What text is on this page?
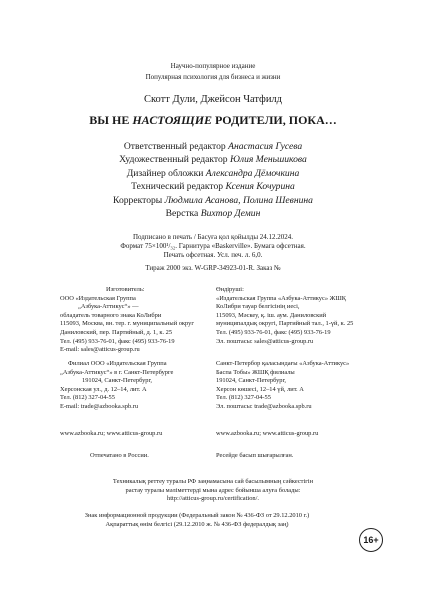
Научно-популярное издание
Популярная психология для бизнеса и жизни
Скотт Дули, Джейсон Чатфилд
ВЫ НЕ НАСТОЯЩИЕ РОДИТЕЛИ, ПОКА…
Ответственный редактор Анастасия Гусева
Художественный редактор Юлия Меньшикова
Дизайнер обложки Александра Дёмочкина
Технический редактор Ксения Кочурина
Корректоры Людмила Асанова, Полина Шевнина
Верстка Вихтор Демин
Подписано в печать / Басуға қол қойылды 24.12.2024.
Формат 75×100¹/₃₂. Гарнитура «Baskerville». Бумага офсетная.
Печать офсетная. Усл. печ. л. 6,0.
Тираж 2000 экз. W-GRP-34923-01-R. Заказ №
Изготовитель:
ООО «Издательская Группа
„Азбука-Аттикус“» —
обладатель товарного знака КоЛибри
115093, Москва, вн. тер. г. муниципальный округ
Даниловский, пер. Партийный, д. 1, к. 25
Тел. (495) 933-76-01, факс (495) 933-76-19
E-mail: sales@atticus-group.ru
Филиал ООО «Издательская Группа
„Азбука-Аттикус“» в г. Санкт-Петербурге
191024, Санкт-Петербург,
Херсонская ул., д. 12–14, лит. А
Тел. (812) 327-04-55
E-mail: trade@azbooka.spb.ru
www.azbooka.ru; www.atticus-group.ru
Отпечатано в России.
Өндіруші:
«Издательская Группа «Азбука-Аттикус» ЖШҚ
КоЛибри тауар белгісінің иесі,
115093, Мәскеу, қ. іш. аум. Даниловский
муниципалдық округі, Партийный тал., 1-үй, к. 25
Тел. (495) 933-76-01, факс (495) 933-76-19
Эл. поштасы: sales@atticus-group.ru
Санкт-Петербор қаласындағы «Азбука-Аттикус»
Баспа Тобы» ЖШҚ филиалы
191024, Санкт-Петербург,
Херсон көшесі, 12–14 үй, лит. А
Тел. (812) 327-04-55
Эл. поштасы: trade@azbooka.spb.ru
www.azbooka.ru; www.atticus-group.ru
Ресейде басып шығарылған.
Техникалық реттеу туралы РФ заңнамасына сай басылымның сәйкестігін
растау туралы мәліметтерді мына адрес бойынша алуға болады:
http://atticus-group.ru/certification/.
Знак информационной продукции (Федеральный закон № 436-ФЗ от 29.12.2010 г.)
Ақпараттық өнім белгісі (29.12.2010 ж. № 436-ФЗ федералдық заң)
16+
